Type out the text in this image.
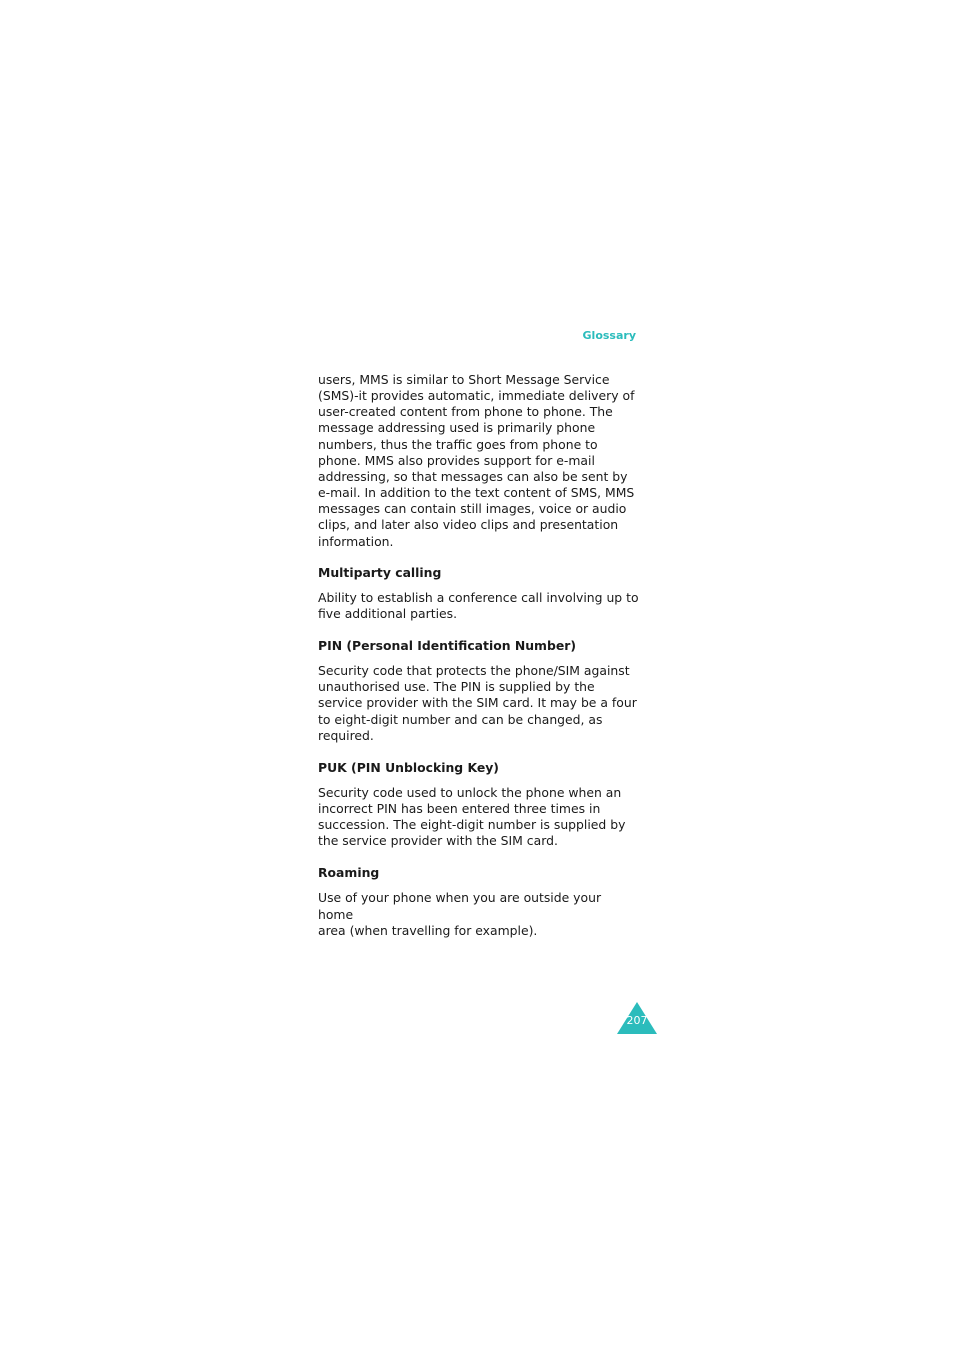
Glossary

users, MMS is similar to Short Message Service
(SMS)-it provides automatic, immediate delivery of
user-created content from phone to phone. The
message addressing used is primarily phone
numbers, thus the traffic goes from phone to
phone. MMS also provides support for e-mail
addressing, so that messages can also be sent by
e-mail. In addition to the text content of SMS, MMS
messages can contain still images, voice or audio
clips, and later also video clips and presentation
information.

Multiparty calling

Ability to establish a conference call involving up to
five additional parties.

PIN (Personal Identification Number)

Security code that protects the phone/SIM against
unauthorised use. The PIN is supplied by the
service provider with the SIM card. It may be a four
to eight-digit number and can be changed, as
required.

PUK (PIN Unblocking Key)

Security code used to unlock the phone when an
incorrect PIN has been entered three times in
succession. The eight-digit number is supplied by
the service provider with the SIM card.

Roaming

Use of your phone when you are outside your home
area (when travelling for example).

207
